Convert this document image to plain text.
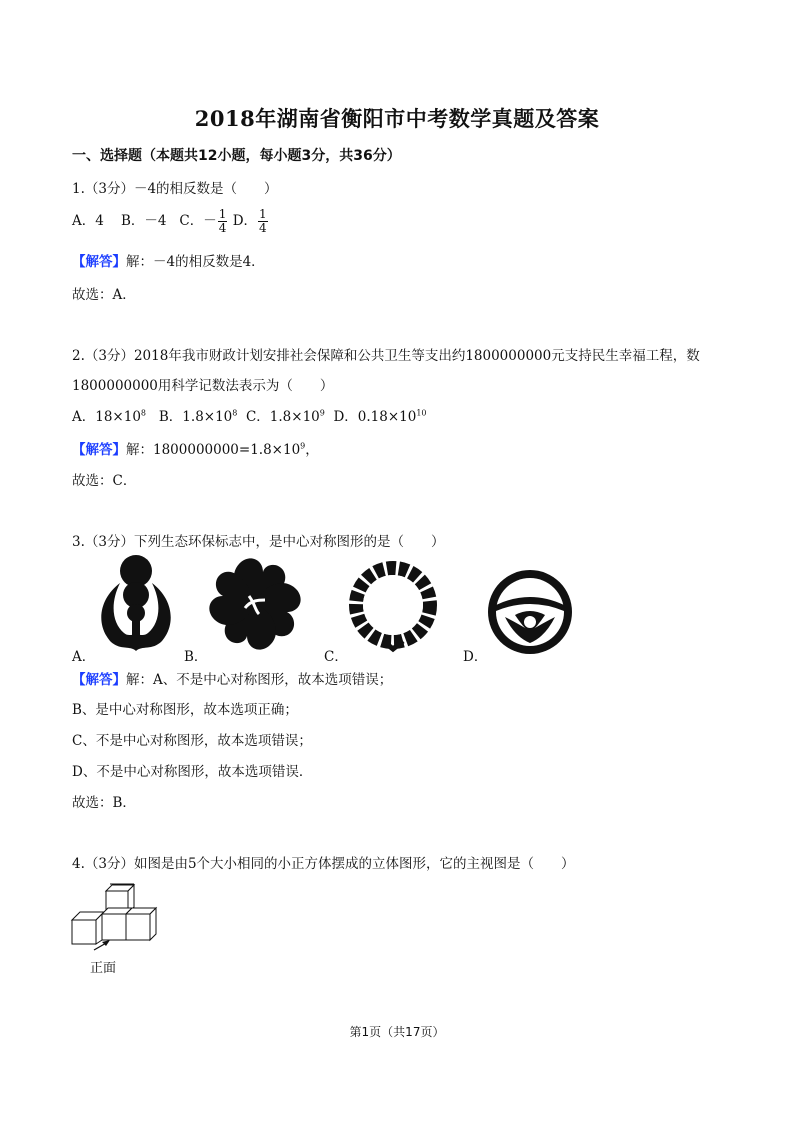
2018年湖南省衡阳市中考数学真题及答案
一、选择题（本题共12小题，每小题3分，共36分）
1.（3分）－4的相反数是（　　）
A．4 B．－4 C．－ $\frac{1}{4}$ D． $\frac{1}{4}$
【解答】解：－4的相反数是4．
故选：A．
2.（3分）2018年我市财政计划安排社会保障和公共卫生等支出约1800000000元支持民生幸福工程，数
1800000000用科学记数法表示为（　　）
A．$18\times 10^8$ B．$1.8\times 10^8$ C．$1.8\times 10^9$ D．$0.18\times 10^{10}$
【解答】解：$1800000000=1.8\times 10^9$，
故选：C．
3.（3分）下列生态环保标志中，是中心对称图形的是（　　）
A．	B．	C．	D．
【解答】解：A、不是中心对称图形，故本选项错误；
B、是中心对称图形，故本选项正确；
C、不是中心对称图形，故本选项错误；
D、不是中心对称图形，故本选项错误．
故选：B．
4.（3分）如图是由5个大小相同的小正方体摆成的立体图形，它的主视图是（　　）
正面
第1页（共17页）
